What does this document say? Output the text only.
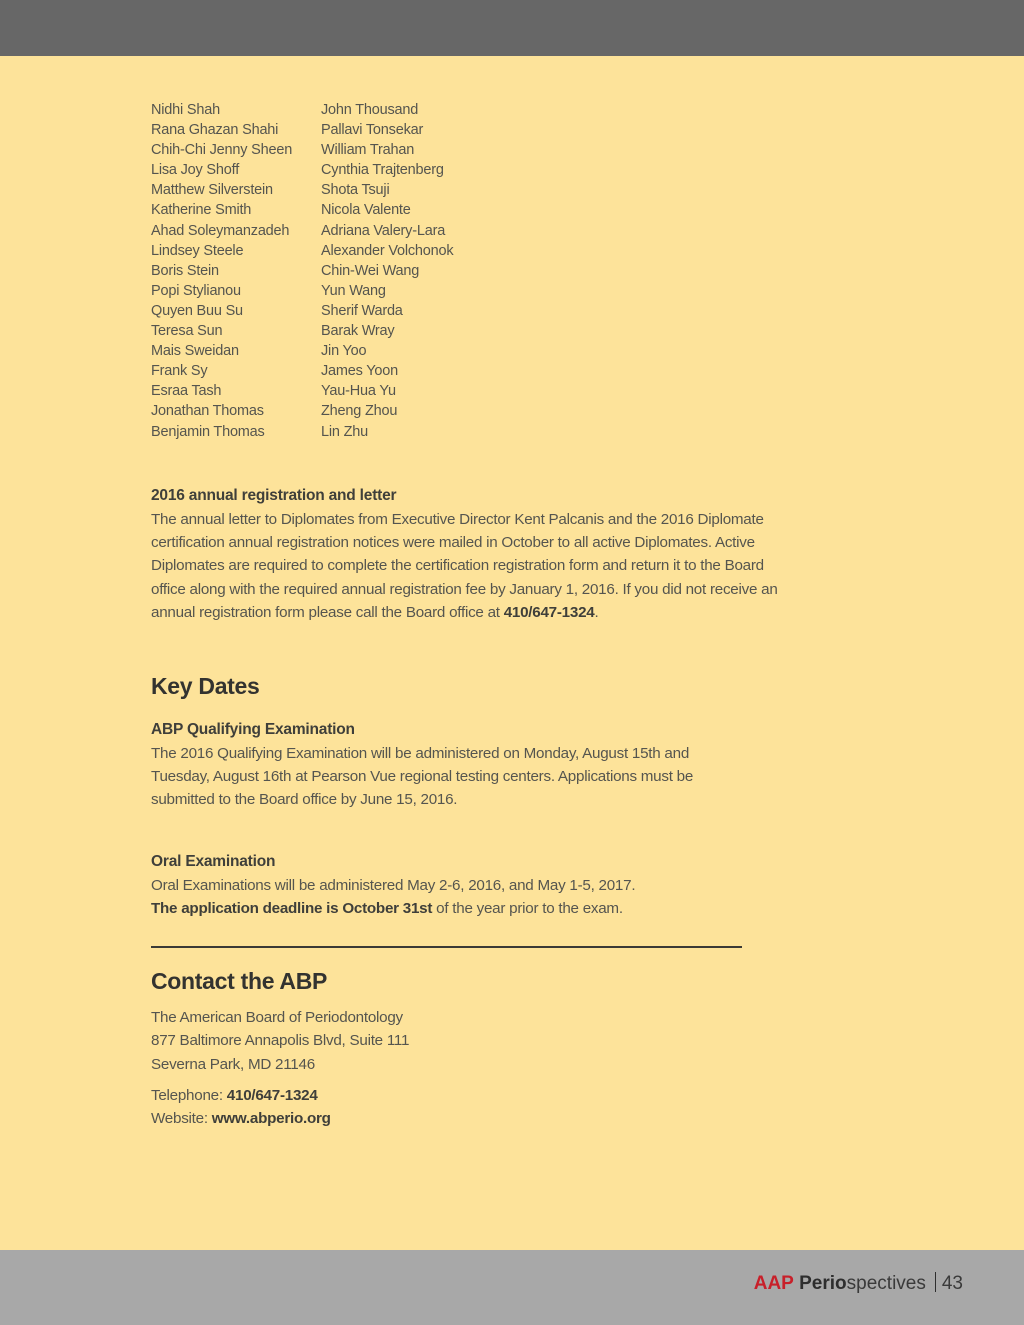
Nidhi Shah
Rana Ghazan Shahi
Chih-Chi Jenny Sheen
Lisa Joy Shoff
Matthew Silverstein
Katherine Smith
Ahad Soleymanzadeh
Lindsey Steele
Boris Stein
Popi Stylianou
Quyen Buu Su
Teresa Sun
Mais Sweidan
Frank Sy
Esraa Tash
Jonathan Thomas
Benjamin Thomas
John Thousand
Pallavi Tonsekar
William Trahan
Cynthia Trajtenberg
Shota Tsuji
Nicola Valente
Adriana Valery-Lara
Alexander Volchonok
Chin-Wei Wang
Yun Wang
Sherif Warda
Barak Wray
Jin Yoo
James Yoon
Yau-Hua Yu
Zheng Zhou
Lin Zhu
2016 annual registration and letter
The annual letter to Diplomates from Executive Director Kent Palcanis and the 2016 Diplomate
certification annual registration notices were mailed in October to all active Diplomates. Active
Diplomates are required to complete the certification registration form and return it to the Board
office along with the required annual registration fee by January 1, 2016. If you did not receive an
annual registration form please call the Board office at 410/647-1324.
Key Dates
ABP Qualifying Examination
The 2016 Qualifying Examination will be administered on Monday, August 15th and
Tuesday, August 16th at Pearson Vue regional testing centers. Applications must be
submitted to the Board office by June 15, 2016.
Oral Examination
Oral Examinations will be administered May 2-6, 2016, and May 1-5, 2017.
The application deadline is October 31st of the year prior to the exam.
Contact the ABP
The American Board of Periodontology
877 Baltimore Annapolis Blvd, Suite 111
Severna Park, MD 21146
Telephone: 410/647-1324
Website: www.abperio.org
AAP Periospectives 43
